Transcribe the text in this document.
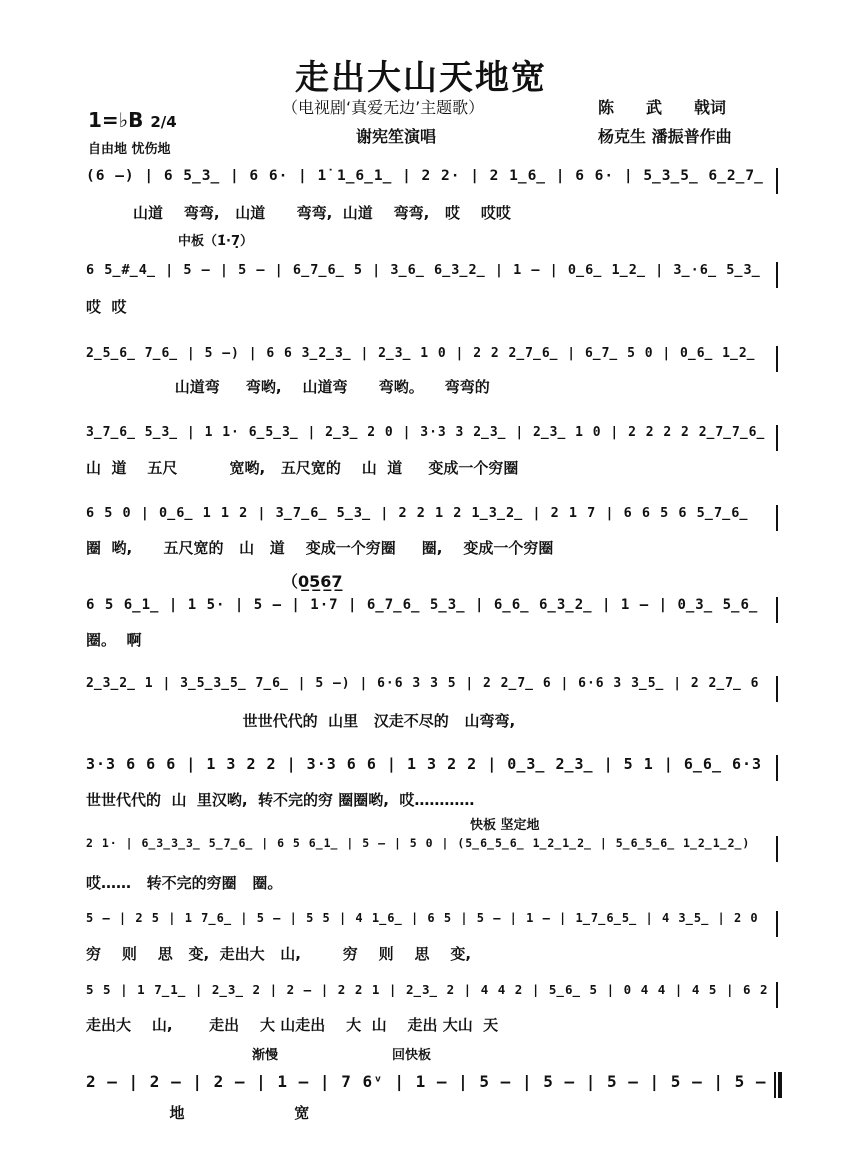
走出大山天地宽
（电视剧‘真爱无边’主题歌）	陈　　武　　戟词
谢宪笙演唱	杨克生 潘振普作曲
1=♭B 2/4
自由地 忧伤地
(6 –) | 6 5̲3̲ | 6 6· | 1̇ 1̲6̲1̲ | 2 2· | 2 1̲6̲ | 6 6· | 5̲3̲5̲ 6̲2̲7̲
山道    弯弯,   山道      弯弯,  山道    弯弯,   哎    哎哎
中板（1̇·7̣）
6 5̲#̲4̲ | 5 – | 5 – | 6̲7̲6̲ 5 | 3̲6̲ 6̲3̲2̲ | 1 – | 0̲6̲ 1̲2̲ | 3̲·6̲ 5̲3̲
哎  哎
2̲5̲6̲ 7̲6̲ | 5 –) | 6 6 3̲2̲3̲ | 2̲3̲ 1 0 | 2 2 2̲7̲6̲ | 6̲7̲ 5 0 | 0̲6̲ 1̲2̲
山道弯     弯哟,    山道弯      弯哟。    弯弯的
3̲7̲6̲ 5̲3̲ | 1 1· 6̲5̲3̲ | 2̲3̲ 2 0 | 3·3 3 2̲3̲ | 2̲3̲ 1 0 | 2 2 2 2 2̲7̲7̲6̲
山  道    五尺          宽哟,   五尺宽的    山  道     变成一个穷圈
6 5 0 | 0̲6̲ 1 1 2 | 3̲7̲6̲ 5̲3̲ | 2 2 1 2 1̲3̲2̲ | 2 1 7 | 6 6 5 6 5̲7̲6̲
圈  哟,      五尺宽的   山   道    变成一个穷圈     圈,    变成一个穷圈
（0̲5̲6̲7̲
6 5 6̲1̲ | 1 5· | 5 – | 1·7 | 6̲7̲6̲ 5̲3̲ | 6̲6̲ 6̲3̲2̲ | 1 – | 0̲3̲ 5̲6̲
圈。  啊
2̲3̲2̲ 1 | 3̲5̲3̲5̲ 7̲6̲ | 5 –) | 6·6 3 3 5 | 2 2̲7̲ 6 | 6·6 3 3̲5̲ | 2 2̲7̲ 6
世世代代的  山里   汉走不尽的   山弯弯,
3·3 6 6 6 | 1 3 2 2 | 3·3 6 6 | 1 3 2 2 | 0̲3̲ 2̲3̲ | 5 1 | 6̲6̲ 6·3
世世代代的  山  里汉哟,  转不完的穷 圈圈哟,  哎…………
快板 坚定地
2 1· | 6̲3̲3̲3̲ 5̲7̲6̲ | 6 5 6̲1̲ | 5 – | 5 0 | (5̲6̲5̲6̲ 1̲2̲1̲2̲ | 5̲6̲5̲6̲ 1̲2̲1̲2̲)
哎……   转不完的穷圈   圈。
5 – | 2 5 | 1 7̲6̲ | 5 – | 5 5 | 4 1̲6̲ | 6 5 | 5 – | 1 – | 1̲7̲6̲5̲ | 4 3̲5̲ | 2 0
穷    则    思   变,  走出大   山,        穷    则    思    变,
5 5 | 1 7̲1̲ | 2̲3̲ 2 | 2 – | 2 2 1 | 2̲3̲ 2 | 4 4 2 | 5̲6̲ 5 | 0 4 4 | 4 5 | 6 2
走出大    山,       走出    大 山走出    大  山    走出 大山  天
渐慢	回快板
2 – | 2 – | 2 – | 1 – | 7 6ᵛ | 1 – | 5 – | 5 – | 5 – | 5 – | 5 –
地                     宽
